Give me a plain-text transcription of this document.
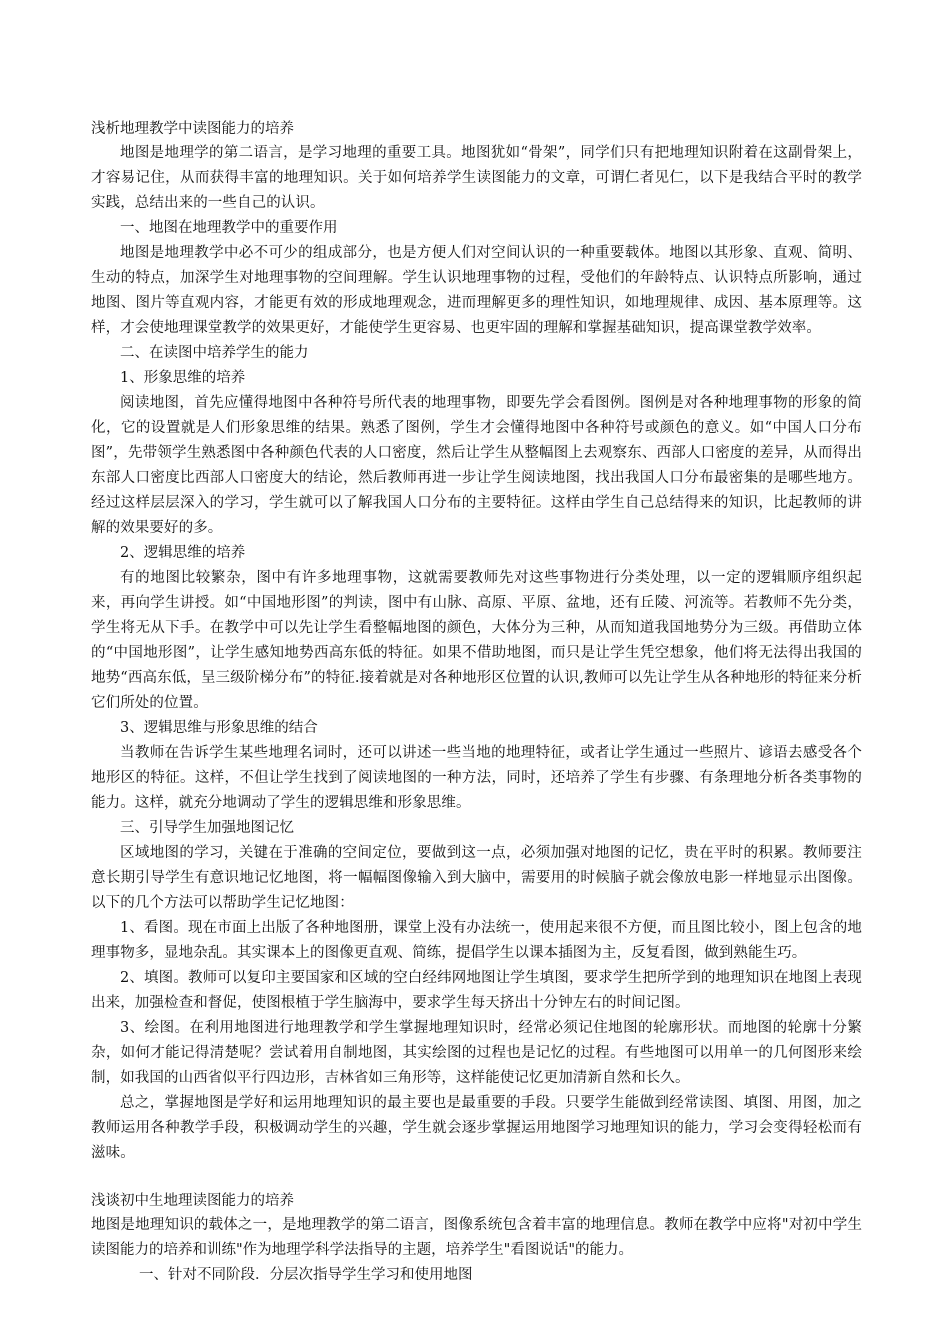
浅析地理教学中读图能力的培养

地图是地理学的第二语言，是学习地理的重要工具。地图犹如“骨架”，同学们只有把地理知识附着在这副骨架上，才容易记住，从而获得丰富的地理知识。关于如何培养学生读图能力的文章，可谓仁者见仁，以下是我结合平时的教学实践，总结出来的一些自己的认识。

一、地图在地理教学中的重要作用

地图是地理教学中必不可少的组成部分，也是方便人们对空间认识的一种重要载体。地图以其形象、直观、简明、生动的特点，加深学生对地理事物的空间理解。学生认识地理事物的过程，受他们的年龄特点、认识特点所影响，通过地图、图片等直观内容，才能更有效的形成地理观念，进而理解更多的理性知识，如地理规律、成因、基本原理等。这样，才会使地理课堂教学的效果更好，才能使学生更容易、也更牢固的理解和掌握基础知识，提高课堂教学效率。

二、在读图中培养学生的能力

1、形象思维的培养

阅读地图，首先应懂得地图中各种符号所代表的地理事物，即要先学会看图例。图例是对各种地理事物的形象的简化，它的设置就是人们形象思维的结果。熟悉了图例，学生才会懂得地图中各种符号或颜色的意义。如“中国人口分布图”，先带领学生熟悉图中各种颜色代表的人口密度，然后让学生从整幅图上去观察东、西部人口密度的差异，从而得出东部人口密度比西部人口密度大的结论，然后教师再进一步让学生阅读地图，找出我国人口分布最密集的是哪些地方。经过这样层层深入的学习，学生就可以了解我国人口分布的主要特征。这样由学生自己总结得来的知识，比起教师的讲解的效果要好的多。

2、逻辑思维的培养

有的地图比较繁杂，图中有许多地理事物，这就需要教师先对这些事物进行分类处理，以一定的逻辑顺序组织起来，再向学生讲授。如“中国地形图”的判读，图中有山脉、高原、平原、盆地，还有丘陵、河流等。若教师不先分类，学生将无从下手。在教学中可以先让学生看整幅地图的颜色，大体分为三种，从而知道我国地势分为三级。再借助立体的“中国地形图”，让学生感知地势西高东低的特征。如果不借助地图，而只是让学生凭空想象，他们将无法得出我国的地势“西高东低，呈三级阶梯分布”的特征.接着就是对各种地形区位置的认识,教师可以先让学生从各种地形的特征来分析它们所处的位置。

3、逻辑思维与形象思维的结合

当教师在告诉学生某些地理名词时，还可以讲述一些当地的地理特征，或者让学生通过一些照片、谚语去感受各个地形区的特征。这样，不但让学生找到了阅读地图的一种方法，同时，还培养了学生有步骤、有条理地分析各类事物的能力。这样，就充分地调动了学生的逻辑思维和形象思维。

三、引导学生加强地图记忆

区域地图的学习，关键在于准确的空间定位，要做到这一点，必须加强对地图的记忆，贵在平时的积累。教师要注意长期引导学生有意识地记忆地图，将一幅幅图像输入到大脑中，需要用的时候脑子就会像放电影一样地显示出图像。以下的几个方法可以帮助学生记忆地图：

1、看图。现在市面上出版了各种地图册，课堂上没有办法统一，使用起来很不方便，而且图比较小，图上包含的地理事物多，显地杂乱。其实课本上的图像更直观、简练，提倡学生以课本插图为主，反复看图，做到熟能生巧。

2、填图。教师可以复印主要国家和区域的空白经纬网地图让学生填图，要求学生把所学到的地理知识在地图上表现出来，加强检查和督促，使图根植于学生脑海中，要求学生每天挤出十分钟左右的时间记图。

3、绘图。在利用地图进行地理教学和学生掌握地理知识时，经常必须记住地图的轮廓形状。而地图的轮廓十分繁杂，如何才能记得清楚呢？尝试着用自制地图，其实绘图的过程也是记忆的过程。有些地图可以用单一的几何图形来绘制，如我国的山西省似平行四边形，吉林省如三角形等，这样能使记忆更加清新自然和长久。

总之，掌握地图是学好和运用地理知识的最主要也是最重要的手段。只要学生能做到经常读图、填图、用图，加之教师运用各种教学手段，积极调动学生的兴趣，学生就会逐步掌握运用地图学习地理知识的能力，学习会变得轻松而有滋味。

浅谈初中生地理读图能力的培养

地图是地理知识的载体之一，是地理教学的第二语言，图像系统包含着丰富的地理信息。教师在教学中应将"对初中学生读图能力的培养和训练"作为地理学科学法指导的主题，培养学生"看图说话"的能力。

一、针对不同阶段．分层次指导学生学习和使用地图
